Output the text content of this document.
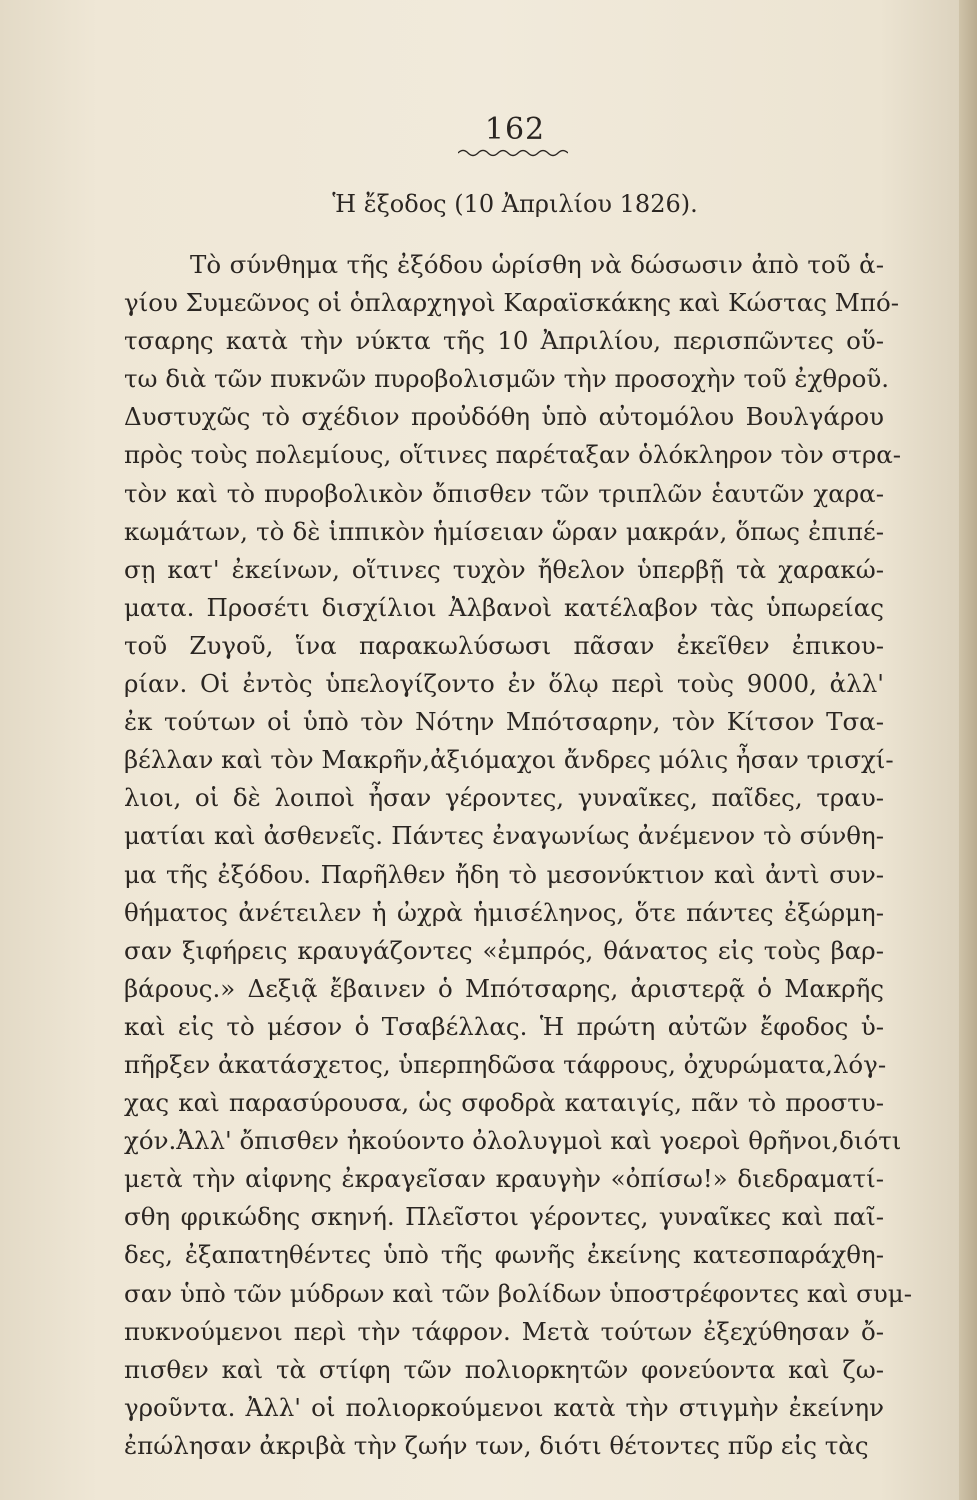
162
Ἡ ἔξοδος (10 Ἀπριλίου 1826).
Τὸ σύνθημα τῆς ἐξόδου ὡρίσθη νὰ δώσωσιν ἀπὸ τοῦ ἁ-
γίου Συμεῶνος οἱ ὁπλαρχηγοὶ Καραϊσκάκης καὶ Κώστας Μπό-
τσαρης κατὰ τὴν νύκτα τῆς 10 Ἀπριλίου, περισπῶντες οὕ-
τω διὰ τῶν πυκνῶν πυροβολισμῶν τὴν προσοχὴν τοῦ ἐχθροῦ.
Δυστυχῶς τὸ σχέδιον προὐδόθη ὑπὸ αὐτομόλου Βουλγάρου
πρὸς τοὺς πολεμίους, οἵτινες παρέταξαν ὁλόκληρον τὸν στρα-
τὸν καὶ τὸ πυροβολικὸν ὄπισθεν τῶν τριπλῶν ἑαυτῶν χαρα-
κωμάτων, τὸ δὲ ἱππικὸν ἡμίσειαν ὥραν μακράν, ὅπως ἐπιπέ-
σῃ κατ' ἐκείνων, οἵτινες τυχὸν ἤθελον ὑπερβῇ τὰ χαρακώ-
ματα. Προσέτι δισχίλιοι Ἀλβανοὶ κατέλαβον τὰς ὑπωρείας
τοῦ Ζυγοῦ, ἵνα παρακωλύσωσι πᾶσαν ἐκεῖθεν ἐπικου-
ρίαν. Οἱ ἐντὸς ὑπελογίζοντο ἐν ὅλῳ περὶ τοὺς 9000, ἀλλ'
ἐκ τούτων οἱ ὑπὸ τὸν Νότην Μπότσαρην, τὸν Κίτσον Τσα-
βέλλαν καὶ τὸν Μακρῆν,ἀξιόμαχοι ἄνδρες μόλις ἦσαν τρισχί-
λιοι, οἱ δὲ λοιποὶ ἦσαν γέροντες, γυναῖκες, παῖδες, τραυ-
ματίαι καὶ ἀσθενεῖς. Πάντες ἐναγωνίως ἀνέμενον τὸ σύνθη-
μα τῆς ἐξόδου. Παρῆλθεν ἤδη τὸ μεσονύκτιον καὶ ἀντὶ συν-
θήματος ἀνέτειλεν ἡ ὠχρὰ ἡμισέληνος, ὅτε πάντες ἐξώρμη-
σαν ξιφήρεις κραυγάζοντες «ἐμπρός, θάνατος εἰς τοὺς βαρ-
βάρους.» Δεξιᾷ ἔβαινεν ὁ Μπότσαρης, ἀριστερᾷ ὁ Μακρῆς
καὶ εἰς τὸ μέσον ὁ Τσαβέλλας. Ἡ πρώτη αὐτῶν ἔφοδος ὑ-
πῆρξεν ἀκατάσχετος, ὑπερπηδῶσα τάφρους, ὀχυρώματα,λόγ-
χας καὶ παρασύρουσα, ὡς σφοδρὰ καταιγίς, πᾶν τὸ προστυ-
χόν.Ἀλλ' ὄπισθεν ἠκούοντο ὀλολυγμοὶ καὶ γοεροὶ θρῆνοι,διότι
μετὰ τὴν αἰφνης ἐκραγεῖσαν κραυγὴν «ὀπίσω!» διεδραματί-
σθη φρικώδης σκηνή. Πλεῖστοι γέροντες, γυναῖκες καὶ παῖ-
δες, ἐξαπατηθέντες ὑπὸ τῆς φωνῆς ἐκείνης κατεσπαράχθη-
σαν ὑπὸ τῶν μύδρων καὶ τῶν βολίδων ὑποστρέφοντες καὶ συμ-
πυκνούμενοι περὶ τὴν τάφρον. Μετὰ τούτων ἐξεχύθησαν ὄ-
πισθεν καὶ τὰ στίφη τῶν πολιορκητῶν φονεύοντα καὶ ζω-
γροῦντα. Ἀλλ' οἱ πολιορκούμενοι κατὰ τὴν στιγμὴν ἐκείνην
ἐπώλησαν ἀκριβὰ τὴν ζωήν των, διότι θέτοντες πῦρ εἰς τὰς
